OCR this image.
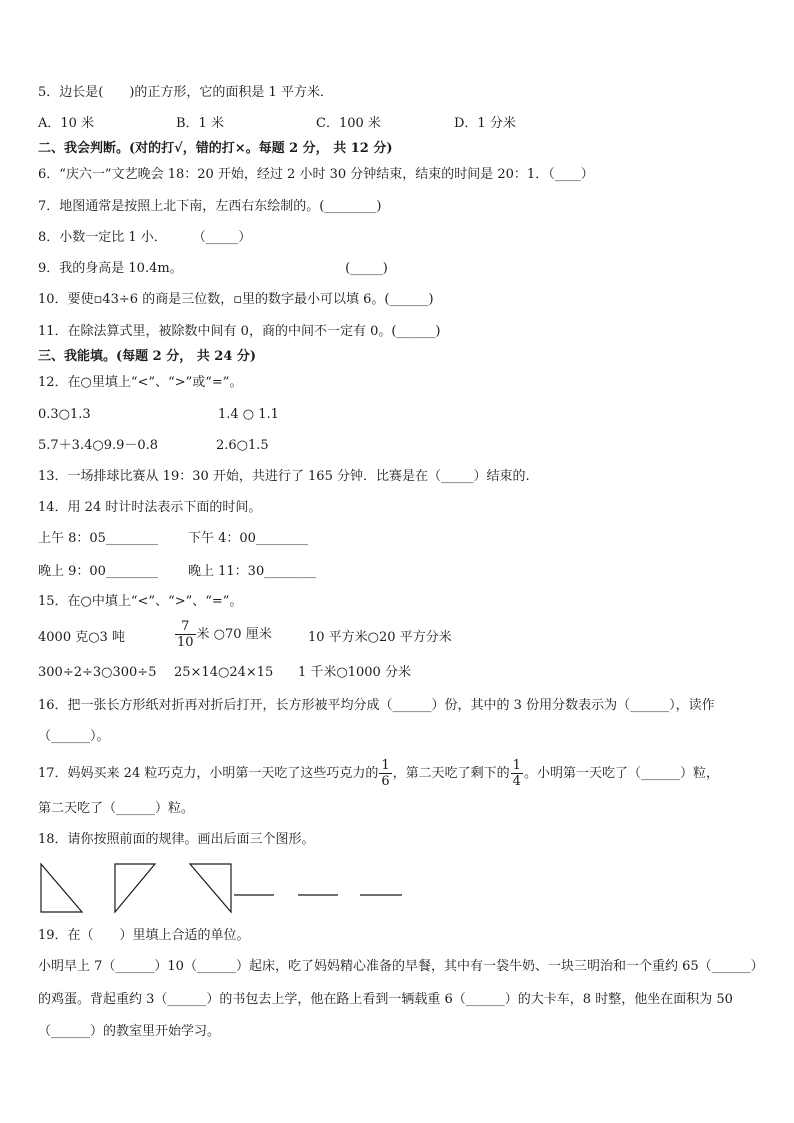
5．边长是(　　)的正方形，它的面积是 1 平方米．
A．10 米	B．1 米	C．100 米	D．1 分米
二、我会判断。(对的打√，错的打×。每题 2 分， 共 12 分)
6．“庆六一”文艺晚会 18：20 开始，经过 2 小时 30 分钟结束，结束的时间是 20：1．（____）
7．地图通常是按照上北下南，左西右东绘制的。(________)
8．小数一定比 1 小．　　　（_____）
9．我的身高是 10.4m。　　　　　　　　　　　　　(_____)
10．要使▫43÷6 的商是三位数，▫里的数字最小可以填 6。(______)
11．在除法算式里，被除数中间有 0，商的中间不一定有 0。(______)
三、我能填。(每题 2 分， 共 24 分)
12．在○里填上“<”、“>”或“=”。
0.3○1.3	1.4 ○ 1.1
5.7＋3.4○9.9－0.8	2.6○1.5
13．一场排球比赛从 19：30 开始，共进行了 165 分钟．比赛是在（_____）结束的.
14．用 24 时计时法表示下面的时间。
上午 8：05________ 下午 4：00________
晚上 9：00________ 晚上 11：30________
15．在○中填上“<”、“>”、“=”。
4000 克○3 吨	$\frac{7}{10}$ 米 ○70 厘米	10 平方米○20 平方分米
300÷2÷3○300÷5 25×14○24×15 1 千米○1000 分米
16．把一张长方形纸对折再对折后打开，长方形被平均分成（______）份，其中的 3 份用分数表示为（______），读作
（______）。
17．妈妈买来 24 粒巧克力，小明第一天吃了这些巧克力的 $\frac{1}{6}$ ，第二天吃了剩下的 $\frac{1}{4}$ 。小明第一天吃了（______）粒，
第二天吃了（______）粒。
18．请你按照前面的规律。画出后面三个图形。
19．在（　　）里填上合适的单位。
小明早上 7（______）10（______）起床，吃了妈妈精心准备的早餐，其中有一袋牛奶、一块三明治和一个重约 65（______）
的鸡蛋。背起重约 3（______）的书包去上学，他在路上看到一辆载重 6（______）的大卡车，8 时整，他坐在面积为 50
（______）的教室里开始学习。
